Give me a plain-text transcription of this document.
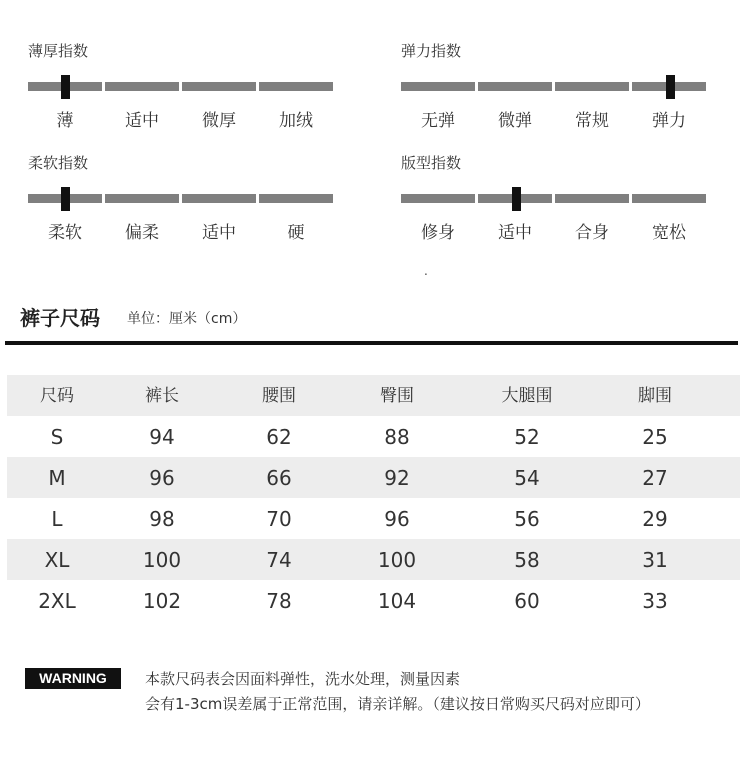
薄厚指数
薄	适中	微厚	加绒
弹力指数
无弹	微弹	常规	弹力
柔软指数
柔软	偏柔	适中	硬
版型指数
修身	适中	合身	宽松
.
裤子尺码 单位：厘米（cm）
尺码	裤长	腰围	臀围	大腿围	脚围
S	94	62	88	52	25
M	96	66	92	54	27
L	98	70	96	56	29
XL	100	74	100	58	31
2XL	102	78	104	60	33
WARNING	本款尺码表会因面料弹性，洗水处理，测量因素
会有1-3cm误差属于正常范围，请亲详解。（建议按日常购买尺码对应即可）
